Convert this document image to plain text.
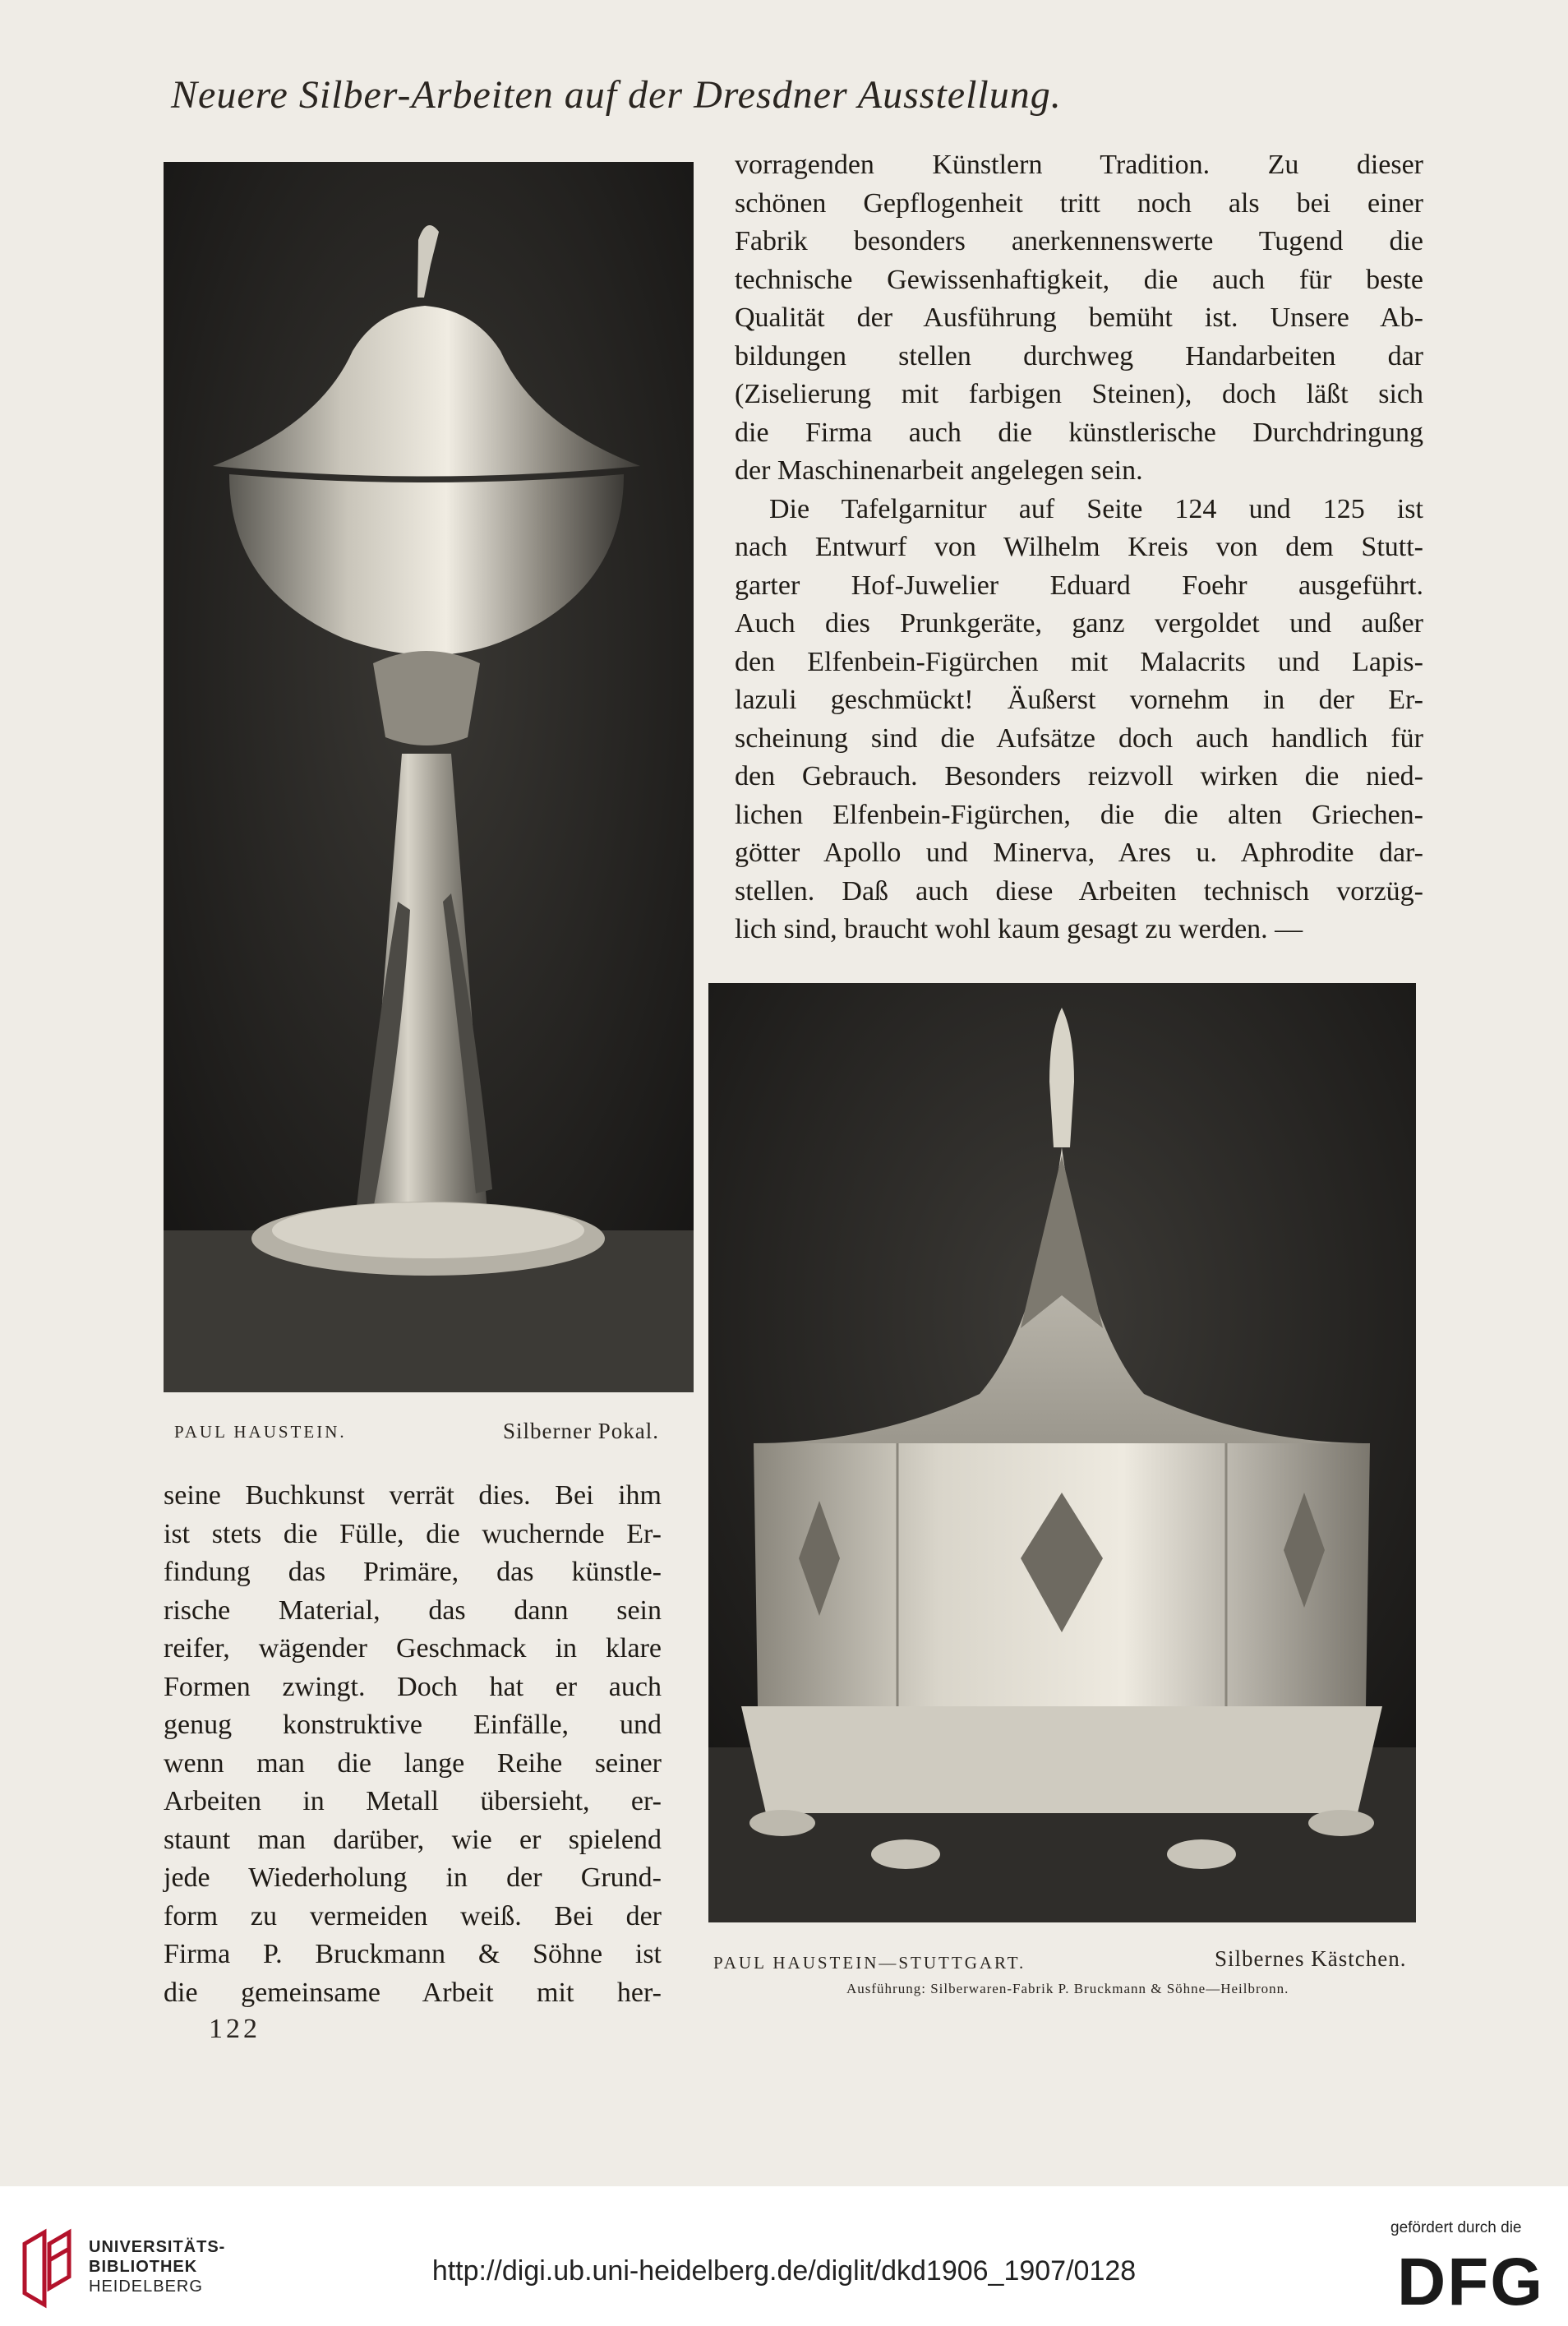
Neuere Silber-Arbeiten auf der Dresdner Ausstellung.
PAUL HAUSTEIN.	Silberner Pokal.
vorragenden Künstlern Tradition. Zu dieser
schönen Gepflogenheit tritt noch als bei einer
Fabrik besonders anerkennenswerte Tugend die
technische Gewissenhaftigkeit, die auch für beste
Qualität der Ausführung bemüht ist. Unsere Ab-
bildungen stellen durchweg Handarbeiten dar
(Ziselierung mit farbigen Steinen), doch läßt sich
die Firma auch die künstlerische Durchdringung
der Maschinenarbeit angelegen sein.
Die Tafelgarnitur auf Seite 124 und 125 ist
nach Entwurf von Wilhelm Kreis von dem Stutt-
garter Hof-Juwelier Eduard Foehr ausgeführt.
Auch dies Prunkgeräte, ganz vergoldet und außer
den Elfenbein-Figürchen mit Malacrits und Lapis-
lazuli geschmückt! Äußerst vornehm in der Er-
scheinung sind die Aufsätze doch auch handlich für
den Gebrauch. Besonders reizvoll wirken die nied-
lichen Elfenbein-Figürchen, die die alten Griechen-
götter Apollo und Minerva, Ares u. Aphrodite dar-
stellen. Daß auch diese Arbeiten technisch vorzüg-
lich sind, braucht wohl kaum gesagt zu werden. —
PAUL HAUSTEIN—STUTTGART.	Silbernes Kästchen.
Ausführung: Silberwaren-Fabrik P. Bruckmann & Söhne—Heilbronn.
seine Buchkunst verrät dies. Bei ihm
ist stets die Fülle, die wuchernde Er-
findung das Primäre, das künstle-
rische Material, das dann sein
reifer, wägender Geschmack in klare
Formen zwingt. Doch hat er auch
genug konstruktive Einfälle, und
wenn man die lange Reihe seiner
Arbeiten in Metall übersieht, er-
staunt man darüber, wie er spielend
jede Wiederholung in der Grund-
form zu vermeiden weiß. Bei der
Firma P. Bruckmann & Söhne ist
die gemeinsame Arbeit mit her-
122
UNIVERSITÄTS-
BIBLIOTHEK
HEIDELBERG	http://digi.ub.uni-heidelberg.de/diglit/dkd1906_1907/0128
gefördert durch die
DFG
